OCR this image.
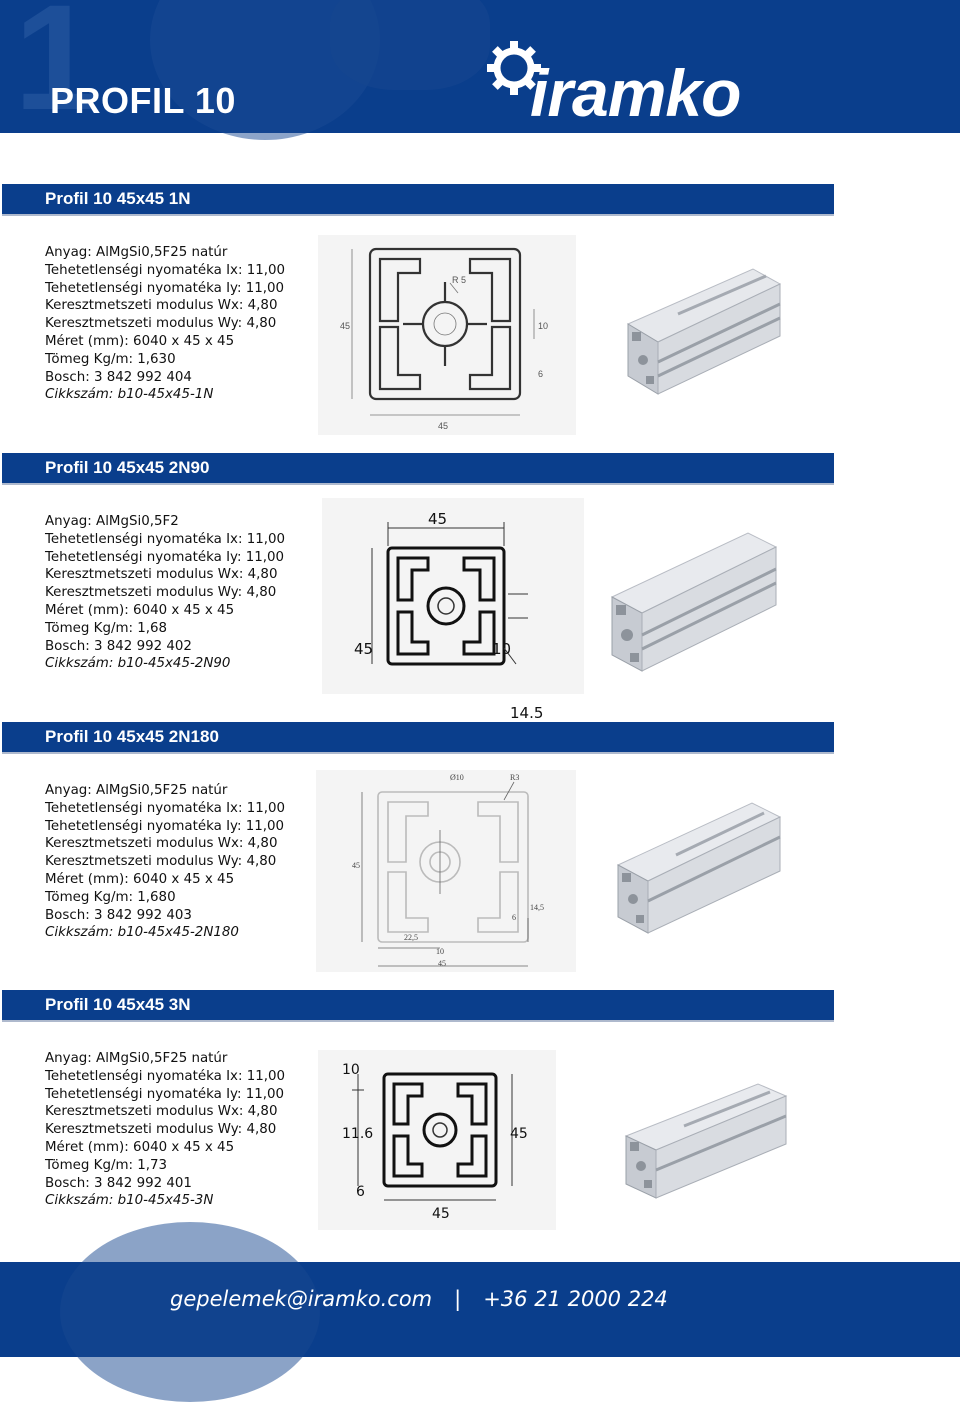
1
PROFIL 10	iramko
Profil 10 45x45 1N
Anyag: AlMgSi0,5F25 natúr
Tehetetlenségi nyomatéka Ix: 11,00
Tehetetlenségi nyomatéka Iy: 11,00
Keresztmetszeti modulus Wx: 4,80
Keresztmetszeti modulus Wy: 4,80
Méret (mm): 6040 x 45 x 45
Tömeg Kg/m: 1,630
Bosch: 3 842 992 404
Cikkszám: b10-45x45-1N
45
R 5
10
6
45
Profil 10 45x45 2N90
Anyag: AlMgSi0,5F2
Tehetetlenségi nyomatéka Ix: 11,00
Tehetetlenségi nyomatéka Iy: 11,00
Keresztmetszeti modulus Wx: 4,80
Keresztmetszeti modulus Wy: 4,80
Méret (mm): 6040 x 45 x 45
Tömeg Kg/m: 1,68
Bosch: 3 842 992 402
Cikkszám: b10-45x45-2N90
45
45	10
14.5
Profil 10 45x45 2N180
Anyag: AlMgSi0,5F25 natúr
Tehetetlenségi nyomatéka Ix: 11,00
Tehetetlenségi nyomatéka Iy: 11,00
Keresztmetszeti modulus Wx: 4,80
Keresztmetszeti modulus Wy: 4,80
Méret (mm): 6040 x 45 x 45
Tömeg Kg/m: 1,680
Bosch: 3 842 992 403
Cikkszám: b10-45x45-2N180
Ø10	R3
45
6
14,5
22,5
10
45
Profil 10 45x45 3N
Anyag: AlMgSi0,5F25 natúr
Tehetetlenségi nyomatéka Ix: 11,00
Tehetetlenségi nyomatéka Iy: 11,00
Keresztmetszeti modulus Wx: 4,80
Keresztmetszeti modulus Wy: 4,80
Méret (mm): 6040 x 45 x 45
Tömeg Kg/m: 1,73
Bosch: 3 842 992 401
Cikkszám: b10-45x45-3N
10
11.6	45
6
45
gepelemek@iramko.com | +36 21 2000 224
